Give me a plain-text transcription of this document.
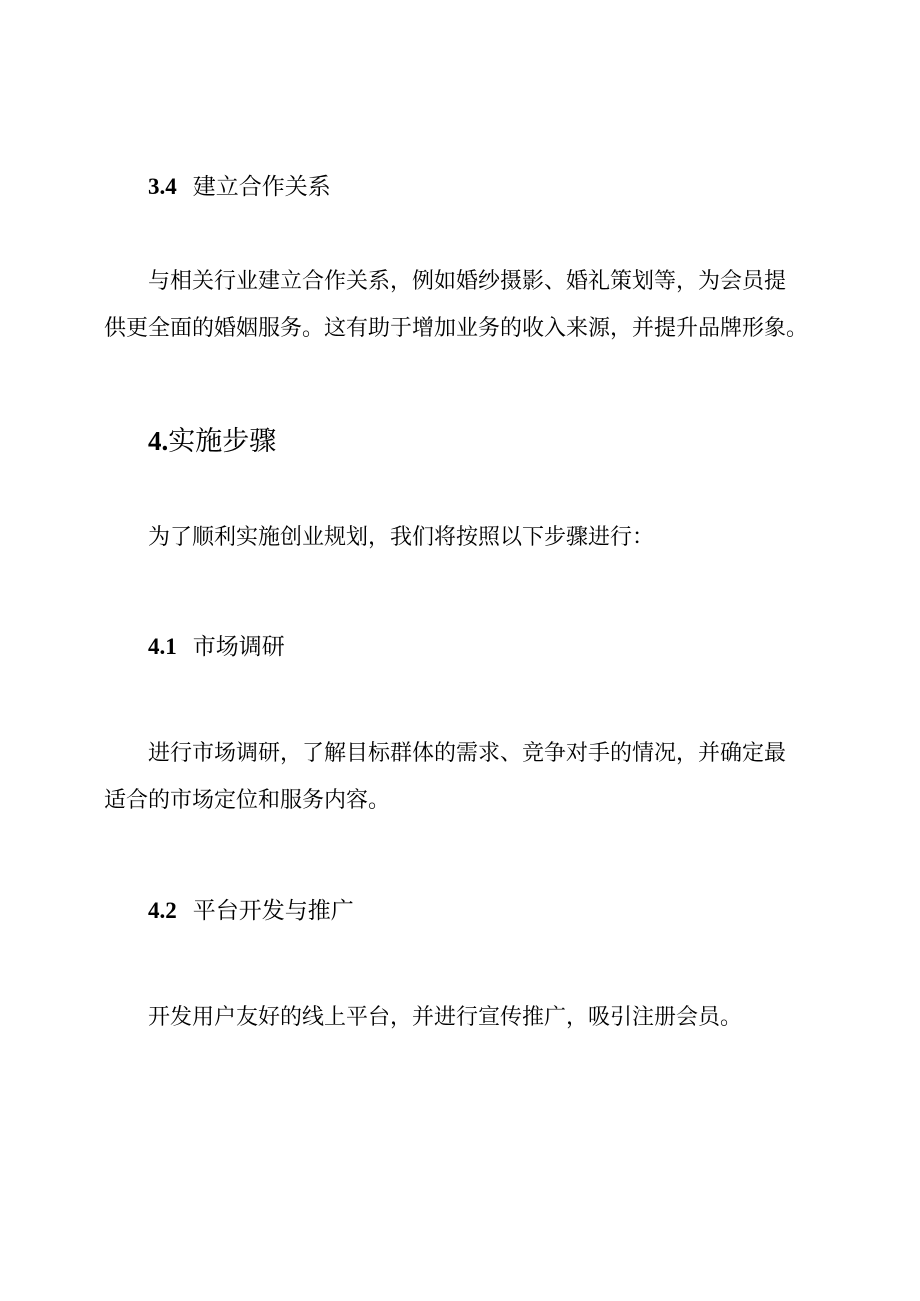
3.4 建立合作关系
与相关行业建立合作关系，例如婚纱摄影、婚礼策划等，为会员提
供更全面的婚姻服务。这有助于增加业务的收入来源，并提升品牌形象。
4.实施步骤
为了顺利实施创业规划，我们将按照以下步骤进行：
4.1 市场调研
进行市场调研，了解目标群体的需求、竞争对手的情况，并确定最
适合的市场定位和服务内容。
4.2 平台开发与推广
开发用户友好的线上平台，并进行宣传推广，吸引注册会员。
